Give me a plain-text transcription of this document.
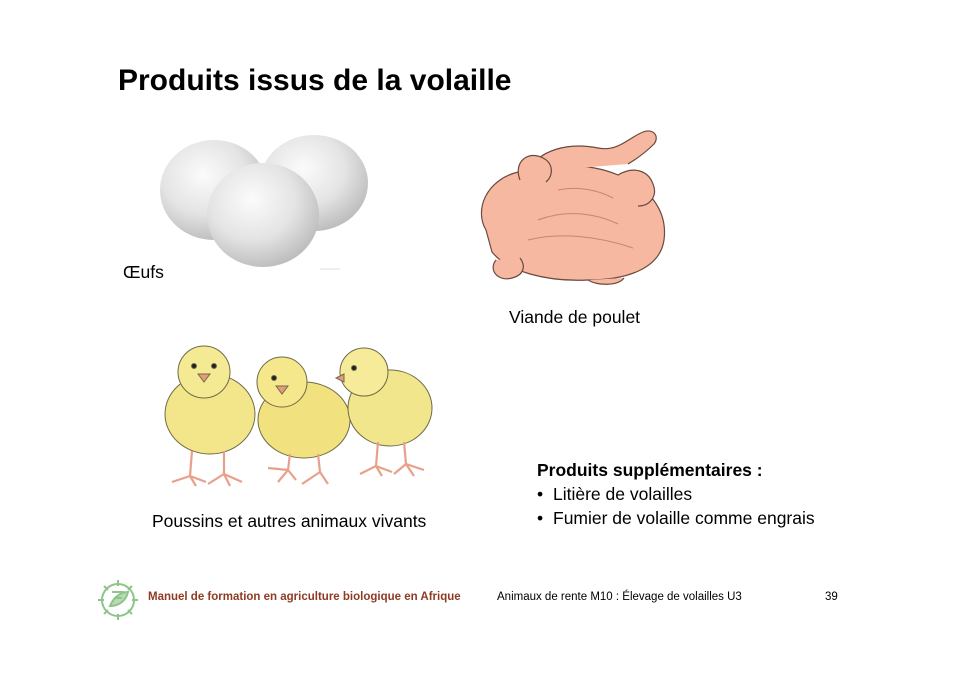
Produits issus de la volaille
Œufs
Viande de poulet
Poussins et autres animaux vivants
Produits supplémentaires :
• Litière de volailles
• Fumier de volaille comme engrais
Manuel de formation en agriculture biologique en Afrique	Animaux de rente M10 : Élevage de volailles U3	39
